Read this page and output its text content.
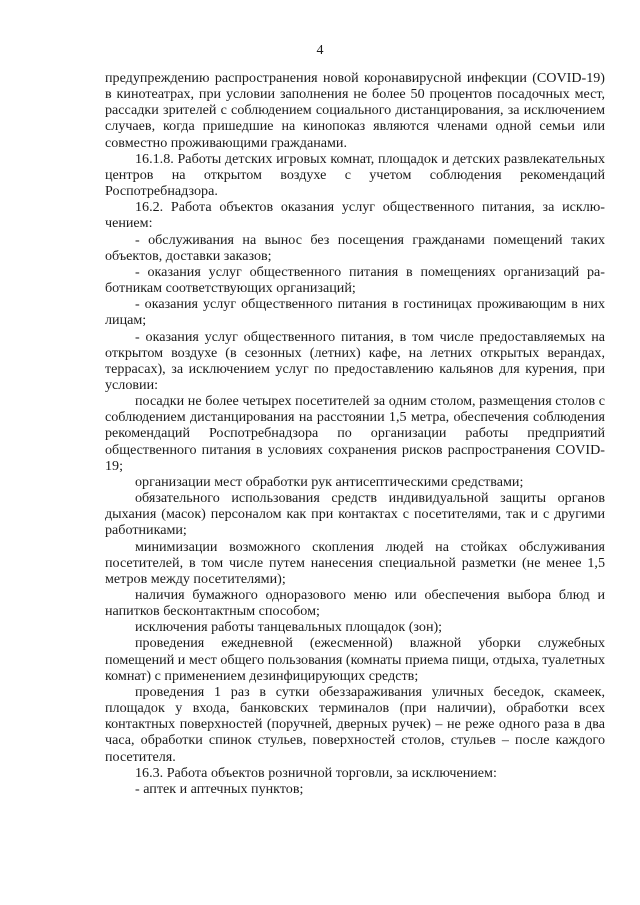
4

предупреждению распространения новой коронавирусной инфекции (COVID-19) в кинотеатрах, при условии заполнения не более 50 процентов посадочных мест, рассадки зрителей с соблюдением социального дистанцирования, за исключением случаев, когда пришедшие на кинопоказ являются членами одной семьи или совместно проживающими гражданами.

16.1.8. Работы детских игровых комнат, площадок и детских развлекательных центров на открытом воздухе с учетом соблюдения рекомендаций Роспотребнадзора.

16.2. Работа объектов оказания услуг общественного питания, за исключением:

- обслуживания на вынос без посещения гражданами помещений таких объектов, доставки заказов;

- оказания услуг общественного питания в помещениях организаций работникам соответствующих организаций;

- оказания услуг общественного питания в гостиницах проживающим в них лицам;

- оказания услуг общественного питания, в том числе предоставляемых на открытом воздухе (в сезонных (летних) кафе, на летних открытых верандах, террасах), за исключением услуг по предоставлению кальянов для курения, при условии:

посадки не более четырех посетителей за одним столом, размещения столов с соблюдением дистанцирования на расстоянии 1,5 метра, обеспечения соблюдения рекомендаций Роспотребнадзора по организации работы предприятий общественного питания в условиях сохранения рисков распространения COVID-19;

организации мест обработки рук антисептическими средствами;

обязательного использования средств индивидуальной защиты органов дыхания (масок) персоналом как при контактах с посетителями, так и с другими работниками;

минимизации возможного скопления людей на стойках обслуживания посетителей, в том числе путем нанесения специальной разметки (не менее 1,5 метров между посетителями);

наличия бумажного одноразового меню или обеспечения выбора блюд и напитков бесконтактным способом;

исключения работы танцевальных площадок (зон);

проведения ежедневной (ежесменной) влажной уборки служебных помещений и мест общего пользования (комнаты приема пищи, отдыха, туалетных комнат) с применением дезинфицирующих средств;

проведения 1 раз в сутки обеззараживания уличных беседок, скамеек, площадок у входа, банковских терминалов (при наличии), обработки всех контактных поверхностей (поручней, дверных ручек) – не реже одного раза в два часа, обработки спинок стульев, поверхностей столов, стульев – после каждого посетителя.

16.3. Работа объектов розничной торговли, за исключением:

- аптек и аптечных пунктов;
